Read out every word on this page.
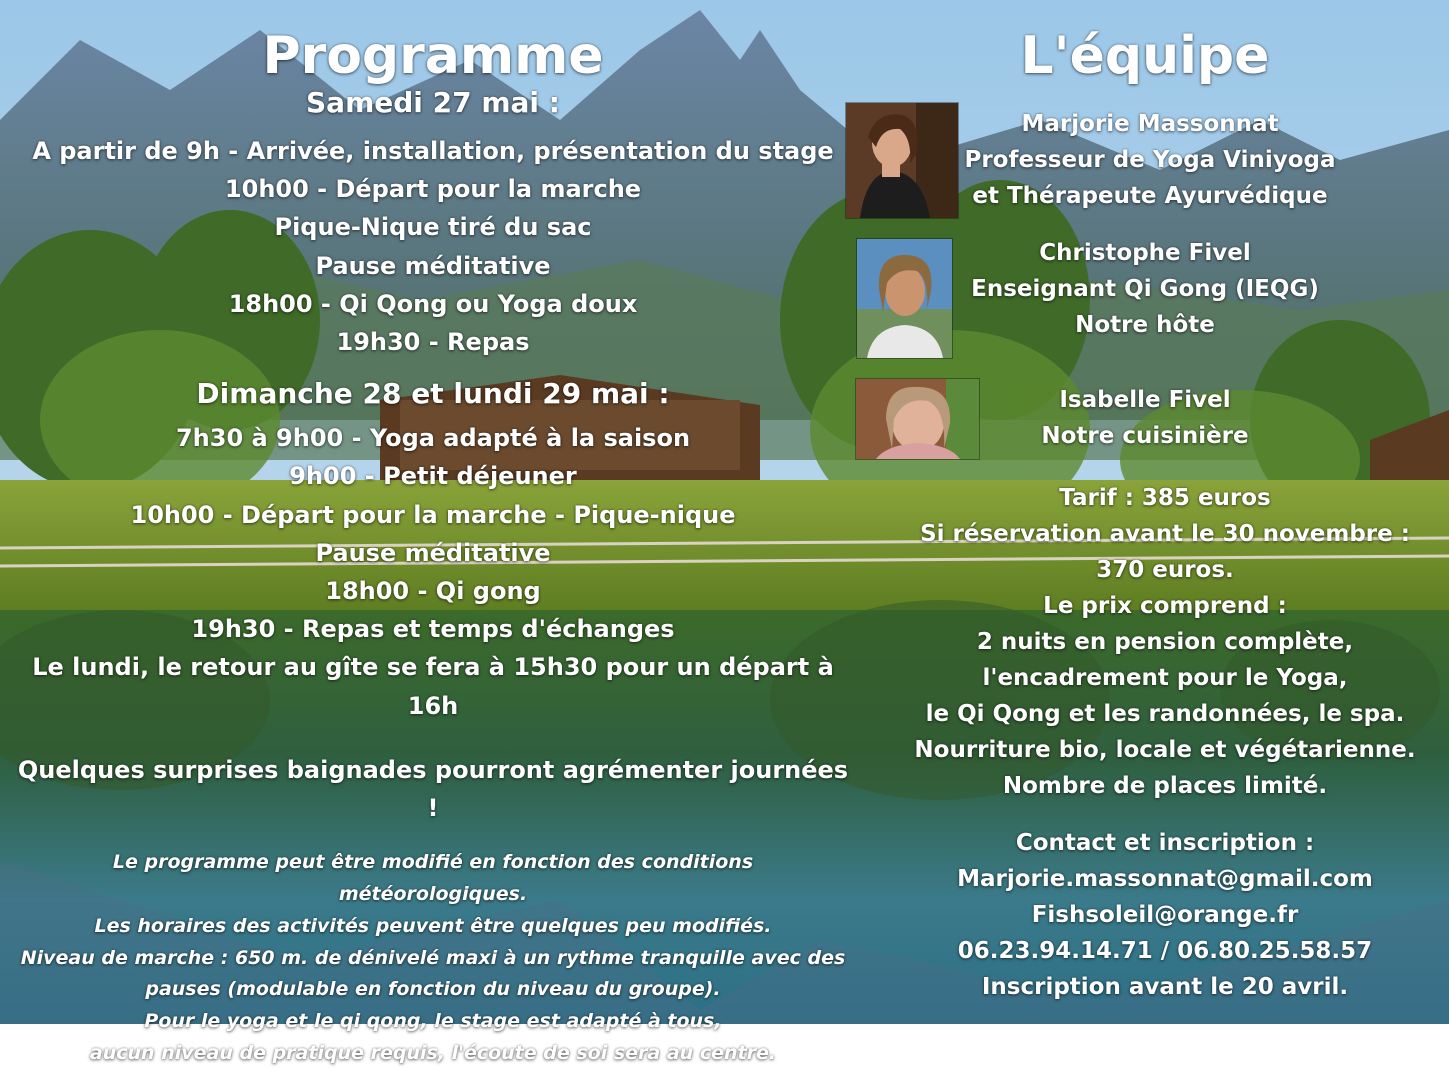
Programme

Samedi 27 mai :

A partir de 9h - Arrivée, installation, présentation du stage

10h00 - Départ pour la marche

Pique-Nique tiré du sac

Pause méditative

18h00 - Qi Qong ou Yoga doux

19h30 - Repas

Dimanche 28 et lundi 29 mai :

7h30 à 9h00 - Yoga adapté à la saison

9h00 - Petit déjeuner

10h00 - Départ pour la marche - Pique-nique

Pause méditative

18h00 - Qi gong

19h30 - Repas et temps d'échanges

Le lundi, le retour au gîte se fera à 15h30 pour un départ à

16h

Quelques surprises baignades pourront agrémenter journées !

Le programme peut être modifié en fonction des conditions météorologiques.

Les horaires des activités peuvent être quelques peu modifiés.

Niveau de marche : 650 m. de dénivelé maxi à un rythme tranquille avec des

pauses (modulable en fonction du niveau du groupe).

Pour le yoga et le qi qong, le stage est adapté à tous,

aucun niveau de pratique requis, l'écoute de soi sera au centre.

L'équipe

Marjorie Massonnat

Professeur de Yoga Viniyoga

et Thérapeute Ayurvédique

Christophe Fivel

Enseignant Qi Gong (IEQG)

Notre hôte

Isabelle Fivel

Notre cuisinière

Tarif : 385 euros

Si réservation avant le 30 novembre :

370 euros.

Le prix comprend :

2 nuits en pension complète,

l'encadrement pour le Yoga,

le Qi Qong et les randonnées, le spa.

Nourriture bio, locale et végétarienne.

Nombre de places limité.

Contact et inscription :

Marjorie.massonnat@gmail.com

Fishsoleil@orange.fr

06.23.94.14.71 / 06.80.25.58.57

Inscription avant le 20 avril.
